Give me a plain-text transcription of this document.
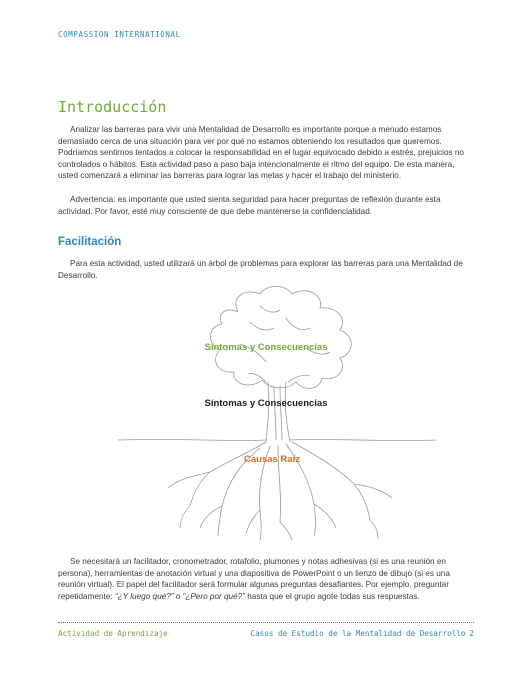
COMPASSION INTERNATIONAL
Introducción

Analizar las barreras para vivir una Mentalidad de Desarrollo es importante porque a menudo estamos demasiado cerca de una situación para ver por qué no estamos obteniendo los resultados que queremos. Podríamos sentirnos tentados a colocar la responsabilidad en el lugar equivocado debido a estrés, prejuicios no controlados o hábitos. Esta actividad paso a paso baja intencionalmente el ritmo del equipo. De esta manera, usted comenzará a eliminar las barreras para lograr las metas y hacer el trabajo del ministerio.

Advertencia: es importante que usted sienta seguridad para hacer preguntas de reflexión durante esta actividad. Por favor, esté muy consciente de que debe mantenerse la confidencialidad.

Facilitación

Para esta actividad, usted utilizará un árbol de problemas para explorar las barreras para una Mentalidad de Desarrollo.

Síntomas y Consecuencias
Síntomas y Consecuencias
Causas Raíz

Se necesitará un facilitador, cronometrador, rotafolio, plumones y notas adhesivas (si es una reunión en persona), herramientas de anotación virtual y una diapositiva de PowerPoint o un lienzo de dibujo (si es una reunión virtual). El papel del facilitador será formular algunas preguntas desafiantes. Por ejemplo, preguntar repetidamente: “¿Y luego qué?” o “¿Pero por qué?” hasta que el grupo agote todas sus respuestas.

Actividad de Aprendizaje	Casos de Estudio de la Mentalidad de Desarrollo 2
